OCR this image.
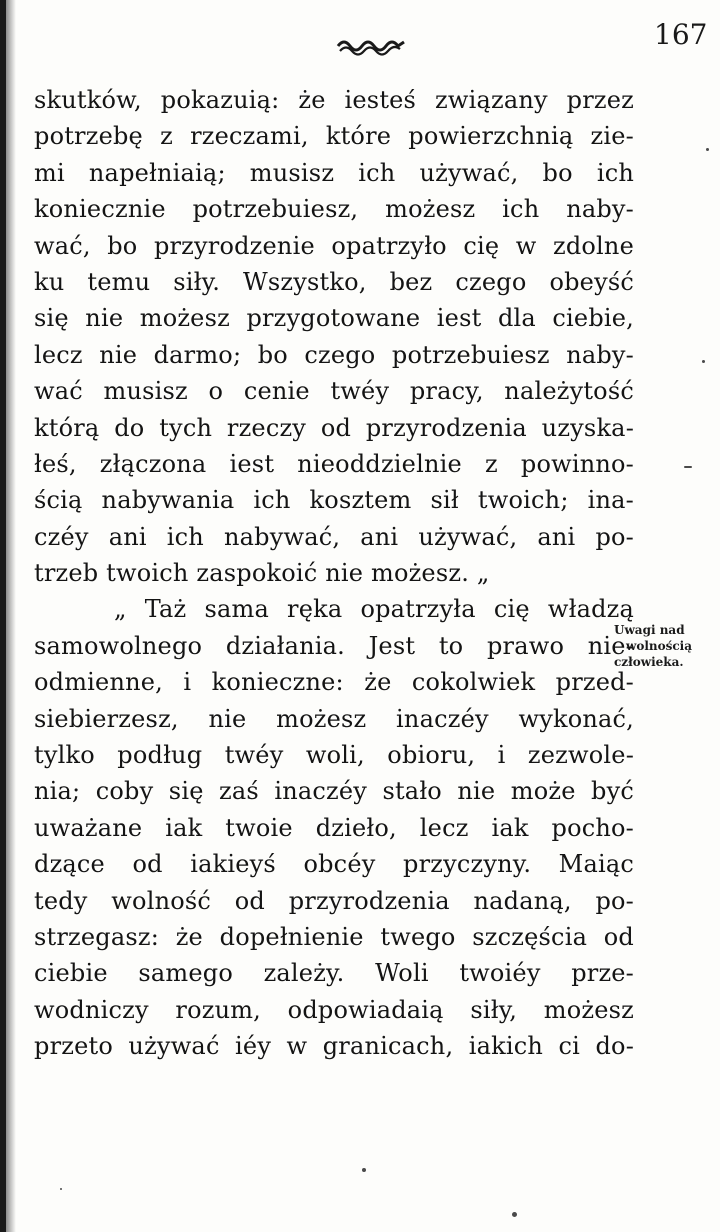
167
skutków, pokazuią: że iesteś związany przez
potrzebę z rzeczami, które powierzchnią zie-
mi napełniaią; musisz ich używać, bo ich
koniecznie potrzebuiesz, możesz ich naby-
wać, bo przyrodzenie opatrzyło cię w zdolne
ku temu siły. Wszystko, bez czego obeyść
się nie możesz przygotowane iest dla ciebie,
lecz nie darmo; bo czego potrzebuiesz naby-
wać musisz o cenie twéy pracy, należytość
którą do tych rzeczy od przyrodzenia uzyska-
łeś, złączona iest nieoddzielnie z powinno-
ścią nabywania ich kosztem sił twoich; ina-
czéy ani ich nabywać, ani używać, ani po-
trzeb twoich zaspokoić nie możesz. „
„ Taż sama ręka opatrzyła cię władzą
samowolnego działania. Jest to prawo nie-
odmienne, i konieczne: że cokolwiek przed-
siebierzesz, nie możesz inaczéy wykonać,
tylko podług twéy woli, obioru, i zezwole-
nia; coby się zaś inaczéy stało nie może być
uważane iak twoie dzieło, lecz iak pocho-
dzące od iakieyś obcéy przyczyny. Maiąc
tedy wolność od przyrodzenia nadaną, po-
strzegasz: że dopełnienie twego szczęścia od
ciebie samego zależy. Woli twoiéy prze-
wodniczy rozum, odpowiadaią siły, możesz
przeto używać iéy w granicach, iakich ci do-
Uwagi nad
wolnością
człowieka.
